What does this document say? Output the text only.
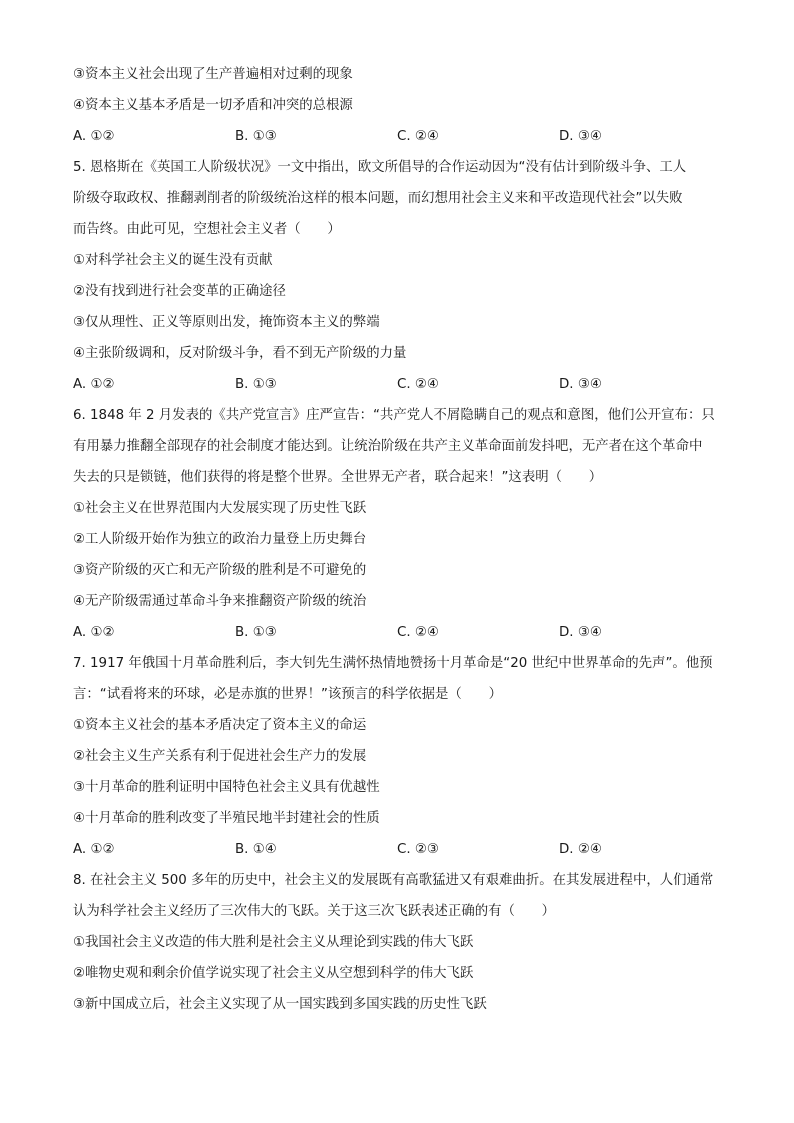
③资本主义社会出现了生产普遍相对过剩的现象

④资本主义基本矛盾是一切矛盾和冲突的总根源

A. ①②	B. ①③	C. ②④	D. ③④

5. 恩格斯在《英国工人阶级状况》一文中指出，欧文所倡导的合作运动因为“没有估计到阶级斗争、工人

阶级夺取政权、推翻剥削者的阶级统治这样的根本问题，而幻想用社会主义来和平改造现代社会”以失败

而告终。由此可见，空想社会主义者（　　）

①对科学社会主义的诞生没有贡献

②没有找到进行社会变革的正确途径

③仅从理性、正义等原则出发，掩饰资本主义的弊端

④主张阶级调和，反对阶级斗争，看不到无产阶级的力量

A. ①②	B. ①③	C. ②④	D. ③④

6. 1848 年 2 月发表的《共产党宣言》庄严宣告：“共产党人不屑隐瞒自己的观点和意图，他们公开宣布：只

有用暴力推翻全部现存的社会制度才能达到。让统治阶级在共产主义革命面前发抖吧，无产者在这个革命中

失去的只是锁链，他们获得的将是整个世界。全世界无产者，联合起来！”这表明（　　）

①社会主义在世界范围内大发展实现了历史性飞跃

②工人阶级开始作为独立的政治力量登上历史舞台

③资产阶级的灭亡和无产阶级的胜利是不可避免的

④无产阶级需通过革命斗争来推翻资产阶级的统治

A. ①②	B. ①③	C. ②④	D. ③④

7. 1917 年俄国十月革命胜利后，李大钊先生满怀热情地赞扬十月革命是“20 世纪中世界革命的先声”。他预

言：“试看将来的环球，必是赤旗的世界！”该预言的科学依据是（　　）

①资本主义社会的基本矛盾决定了资本主义的命运

②社会主义生产关系有利于促进社会生产力的发展

③十月革命的胜利证明中国特色社会主义具有优越性

④十月革命的胜利改变了半殖民地半封建社会的性质

A. ①②	B. ①④	C. ②③	D. ②④

8. 在社会主义 500 多年的历史中，社会主义的发展既有高歌猛进又有艰难曲折。在其发展进程中，人们通常

认为科学社会主义经历了三次伟大的飞跃。关于这三次飞跃表述正确的有（　　）

①我国社会主义改造的伟大胜利是社会主义从理论到实践的伟大飞跃

②唯物史观和剩余价值学说实现了社会主义从空想到科学的伟大飞跃

③新中国成立后，社会主义实现了从一国实践到多国实践的历史性飞跃
